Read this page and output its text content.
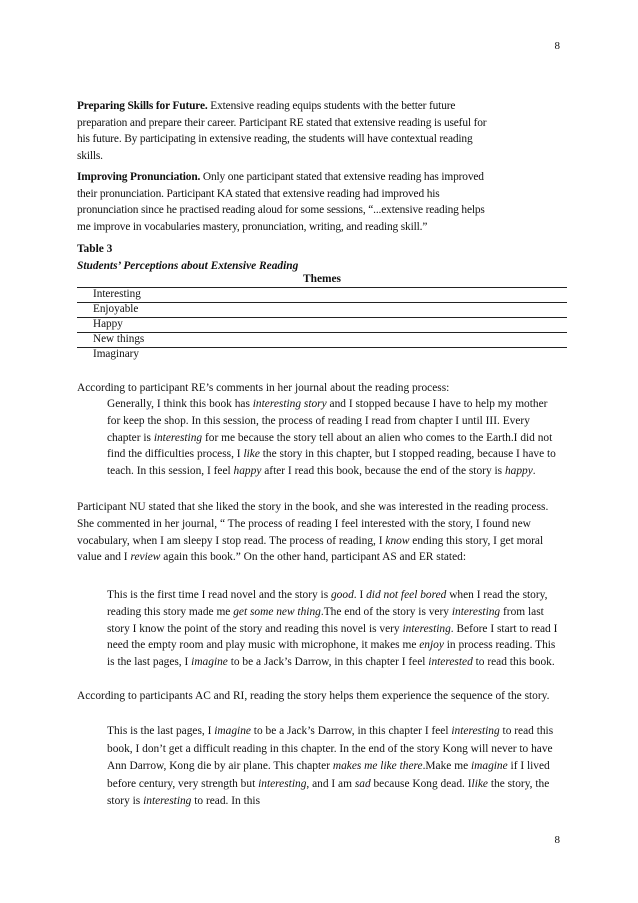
8

Preparing Skills for Future. Extensive reading equips students with the better future

preparation and prepare their career. Participant RE stated that extensive reading is useful for

his future. By participating in extensive reading, the students will have contextual reading

skills.

Improving Pronunciation. Only one participant stated that extensive reading has improved

their pronunciation. Participant KA stated that extensive reading had improved his

pronunciation since he practised reading aloud for some sessions, “...extensive reading helps

me improve in vocabularies mastery, pronunciation, writing, and reading skill.”

Table 3

Students’ Perceptions about Extensive Reading

Themes
Interesting
Enjoyable
Happy
New things
Imaginary

According to participant RE’s comments in her journal about the reading process:

Generally, I think this book has interesting story and I stopped because I have to help my mother for keep the shop. In this session, the process of reading I read from chapter I until III. Every chapter is interesting for me because the story tell about an alien who comes to the Earth.I did not find the difficulties process, I like the story in this chapter, but I stopped reading, because I have to teach. In this session, I feel happy after I read this book, because the end of the story is happy.

Participant NU stated that she liked the story in the book, and she was interested in the reading process. She commented in her journal, “ The process of reading I feel interested with the story, I found new vocabulary, when I am sleepy I stop read. The process of reading, I know ending this story, I get moral value and I review again this book.” On the other hand, participant AS and ER stated:

This is the first time I read novel and the story is good. I did not feel bored when I read the story, reading this story made me get some new thing.The end of the story is very interesting from last story I know the point of the story and reading this novel is very interesting. Before I start to read I need the empty room and play music with microphone, it makes me enjoy in process reading. This is the last pages, I imagine to be a Jack’s Darrow, in this chapter I feel interested to read this book.

According to participants AC and RI, reading the story helps them experience the sequence of the story.

This is the last pages, I imagine to be a Jack’s Darrow, in this chapter I feel interesting to read this book, I don’t get a difficult reading in this chapter. In the end of the story Kong will never to have Ann Darrow, Kong die by air plane. This chapter makes me like there.Make me imagine if I lived before century, very strength but interesting, and I am sad because Kong dead. Ilike the story, the story is interesting to read. In this

8
